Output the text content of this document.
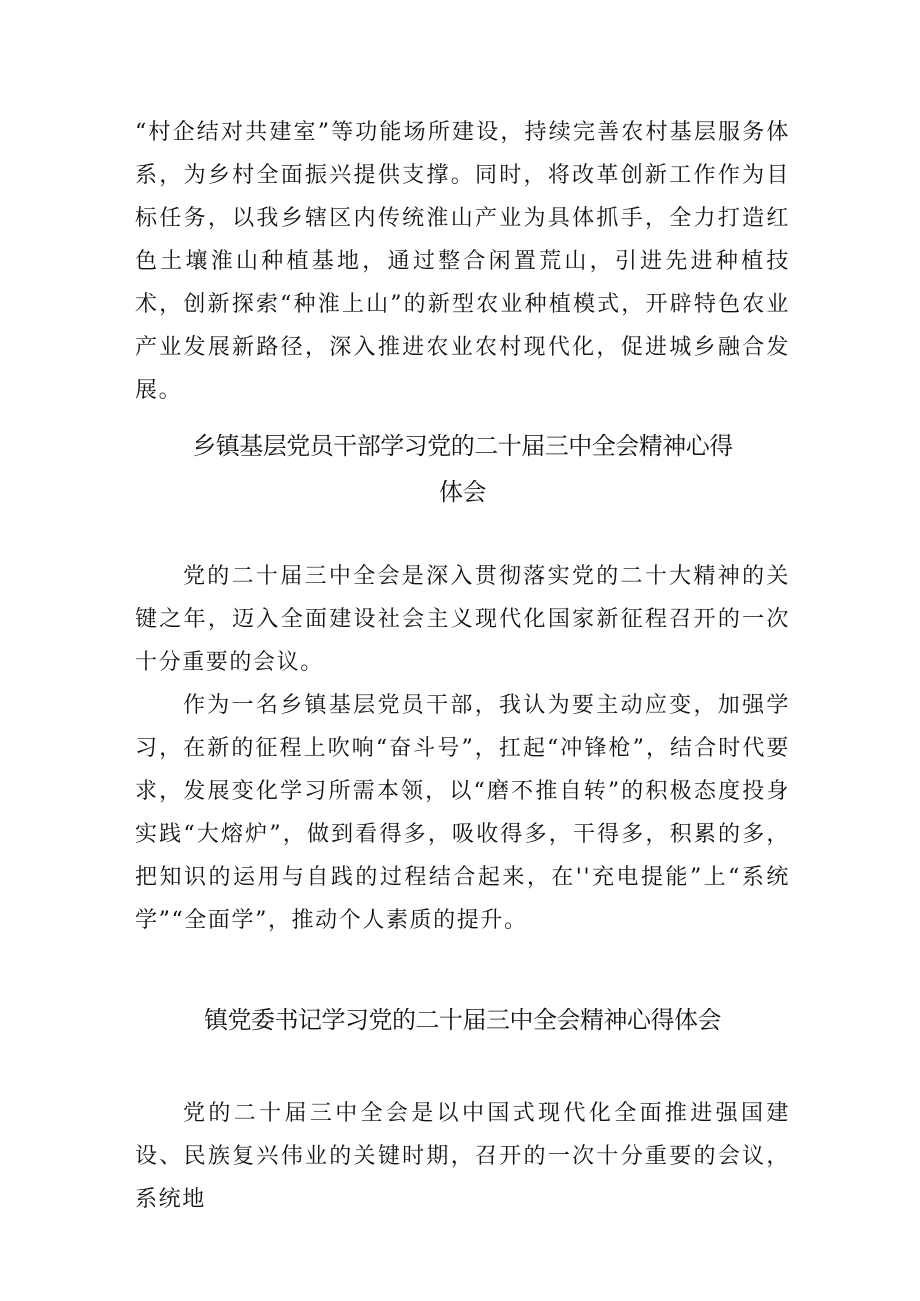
“村企结对共建室”等功能场所建设，持续完善农村基层服务体系，为乡村全面振兴提供支撑。同时，将改革创新工作作为目标任务，以我乡辖区内传统淮山产业为具体抓手，全力打造红色土壤淮山种植基地，通过整合闲置荒山，引进先进种植技术，创新探索“种淮上山”的新型农业种植模式，开辟特色农业产业发展新路径，深入推进农业农村现代化，促进城乡融合发展。

乡镇基层党员干部学习党的二十届三中全会精神心得
体会

党的二十届三中全会是深入贯彻落实党的二十大精神的关键之年，迈入全面建设社会主义现代化国家新征程召开的一次十分重要的会议。

作为一名乡镇基层党员干部，我认为要主动应变，加强学习，在新的征程上吹响“奋斗号”，扛起“冲锋枪”，结合时代要求，发展变化学习所需本领，以“磨不推自转”的积极态度投身实践“大熔炉”，做到看得多，吸收得多，干得多，积累的多，把知识的运用与自践的过程结合起来，在''充电提能”上“系统学”“全面学”，推动个人素质的提升。

镇党委书记学习党的二十届三中全会精神心得体会

党的二十届三中全会是以中国式现代化全面推进强国建设、民族复兴伟业的关键时期，召开的一次十分重要的会议，系统地
